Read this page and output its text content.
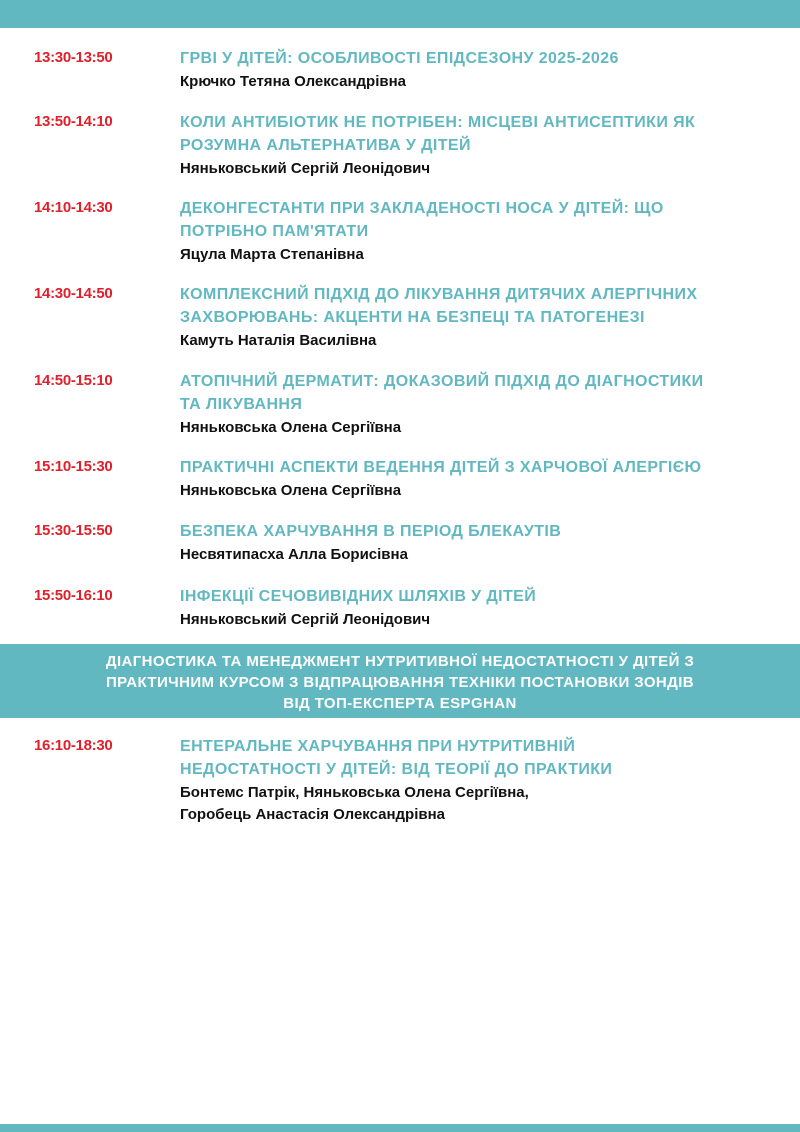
13:30-13:50	ГРВІ У ДІТЕЙ: ОСОБЛИВОСТІ ЕПІДСЕЗОНУ 2025-2026
Крючко Тетяна Олександрівна
13:50-14:10	КОЛИ АНТИБІОТИК НЕ ПОТРІБЕН: МІСЦЕВІ АНТИСЕПТИКИ ЯК
РОЗУМНА АЛЬТЕРНАТИВА У ДІТЕЙ
Няньковський Сергій Леонідович
14:10-14:30	ДЕКОНГЕСТАНТИ ПРИ ЗАКЛАДЕНОСТІ НОСА У ДІТЕЙ: ЩО
ПОТРІБНО ПАМ'ЯТАТИ
Яцула Марта Степанівна
14:30-14:50	КОМПЛЕКСНИЙ ПІДХІД ДО ЛІКУВАННЯ ДИТЯЧИХ АЛЕРГІЧНИХ
ЗАХВОРЮВАНЬ: АКЦЕНТИ НА БЕЗПЕЦІ ТА ПАТОГЕНЕЗІ
Камуть Наталія Василівна
14:50-15:10	АТОПІЧНИЙ ДЕРМАТИТ: ДОКАЗОВИЙ ПІДХІД ДО ДІАГНОСТИКИ
ТА ЛІКУВАННЯ
Няньковська Олена Сергіївна
15:10-15:30	ПРАКТИЧНІ АСПЕКТИ ВЕДЕННЯ ДІТЕЙ З ХАРЧОВОЇ АЛЕРГІЄЮ
Няньковська Олена Сергіївна
15:30-15:50	БЕЗПЕКА ХАРЧУВАННЯ В ПЕРІОД БЛЕКАУТІВ
Несвятипасха Алла Борисівна
15:50-16:10	ІНФЕКЦІЇ СЕЧОВИВІДНИХ ШЛЯХІВ У ДІТЕЙ
Няньковський Сергій Леонідович
ДІАГНОСТИКА ТА МЕНЕДЖМЕНТ НУТРИТИВНОЇ НЕДОСТАТНОСТІ У ДІТЕЙ З
ПРАКТИЧНИМ КУРСОМ З ВІДПРАЦЮВАННЯ ТЕХНІКИ ПОСТАНОВКИ ЗОНДІВ
ВІД ТОП-ЕКСПЕРТА ESPGHAN
16:10-18:30	ЕНТЕРАЛЬНЕ ХАРЧУВАННЯ ПРИ НУТРИТИВНІЙ
НЕДОСТАТНОСТІ У ДІТЕЙ: ВІД ТЕОРІЇ ДО ПРАКТИКИ
Бонтемс Патрік, Няньковська Олена Сергіївна,
Горобець Анастасія Олександрівна
